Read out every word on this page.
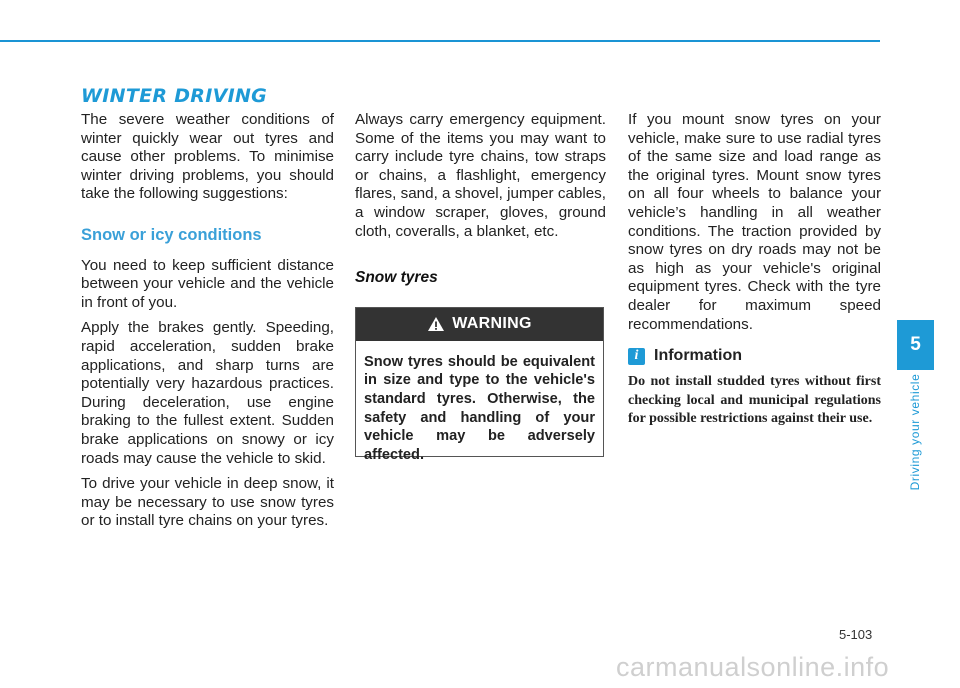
WINTER DRIVING

The severe weather conditions of winter quickly wear out tyres and cause other problems. To minimise winter driving problems, you should take the following suggestions:

Snow or icy conditions

You need to keep sufficient distance between your vehicle and the vehicle in front of you.

Apply the brakes gently. Speeding, rapid acceleration, sudden brake applications, and sharp turns are potentially very hazardous practices. During deceleration, use engine braking to the fullest extent. Sudden brake applications on snowy or icy roads may cause the vehicle to skid.

To drive your vehicle in deep snow, it may be necessary to use snow tyres or to install tyre chains on your tyres.

Always carry emergency equipment. Some of the items you may want to carry include tyre chains, tow straps or chains, a flashlight, emergency flares, sand, a shovel, jumper cables, a window scraper, gloves, ground cloth, coveralls, a blanket, etc.

Snow tyres
WARNING

Snow tyres should be equivalent in size and type to the vehicle's standard tyres. Otherwise, the safety and handling of your vehicle may be adversely affected.

If you mount snow tyres on your vehicle, make sure to use radial tyres of the same size and load range as the original tyres. Mount snow tyres on all four wheels to balance your vehicle’s handling in all weather conditions. The traction provided by snow tyres on dry roads may not be as high as your vehicle's original equipment tyres. Check with the tyre dealer for maximum speed recommendations.

i Information

Do not install studded tyres without first checking local and municipal regulations for possible restrictions against their use.

5
Driving your vehicle
5-103
carmanualsonline.info
